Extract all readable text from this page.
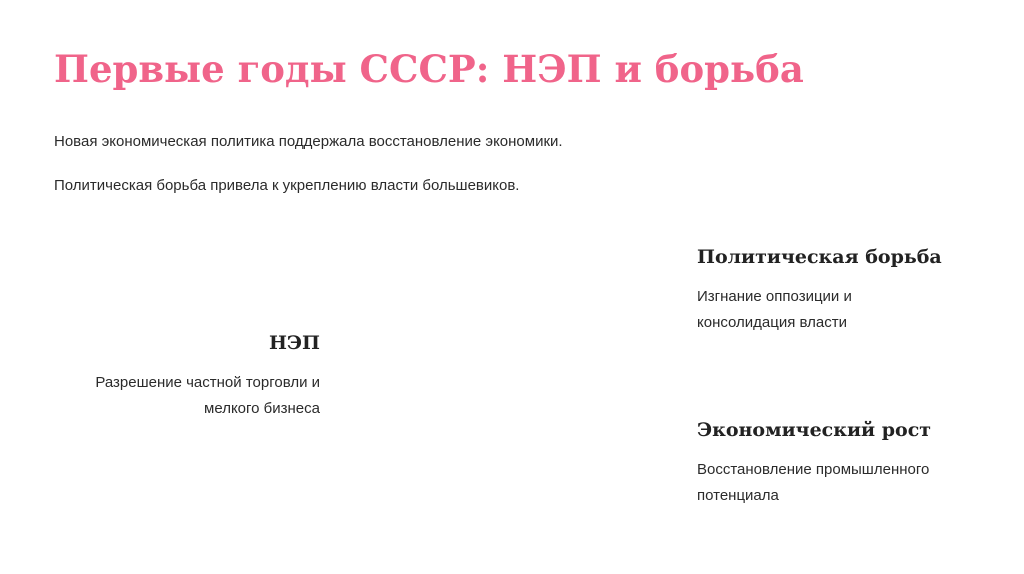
Первые годы СССР: НЭП и борьба

Новая экономическая политика поддержала восстановление экономики.

Политическая борьба привела к укреплению власти большевиков.

НЭП

Разрешение частной торговли и
мелкого бизнеса

Политическая борьба

Изгнание оппозиции и
консолидация власти

Экономический рост

Восстановление промышленного
потенциала
